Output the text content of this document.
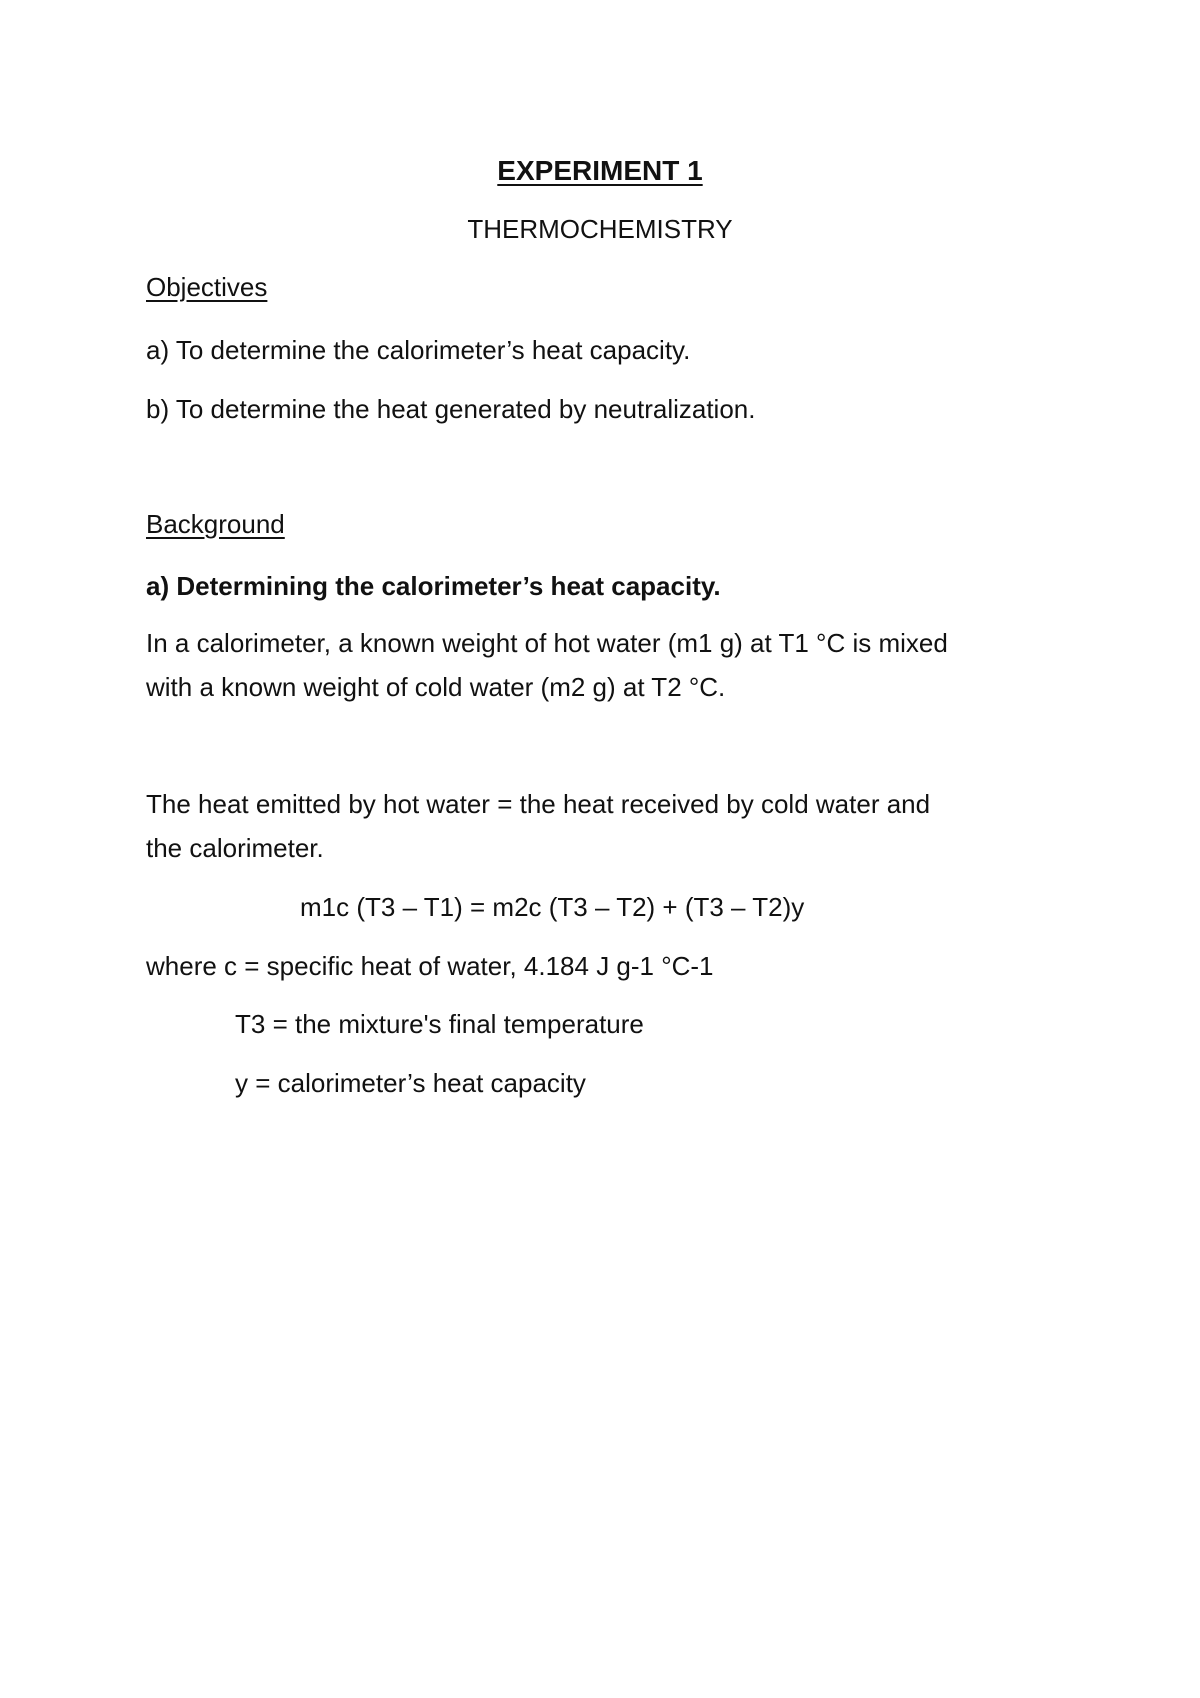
EXPERIMENT 1
THERMOCHEMISTRY
Objectives
a) To determine the calorimeter’s heat capacity.
b) To determine the heat generated by neutralization.
Background
a) Determining the calorimeter’s heat capacity.
In a calorimeter, a known weight of hot water (m1 g) at T1 °C is mixed
with a known weight of cold water (m2 g) at T2 °C.
The heat emitted by hot water = the heat received by cold water and
the calorimeter.
m1c (T3 – T1) = m2c (T3 – T2) + (T3 – T2)y
where c = specific heat of water, 4.184 J g-1 °C-1
T3 = the mixture's final temperature
y = calorimeter’s heat capacity
